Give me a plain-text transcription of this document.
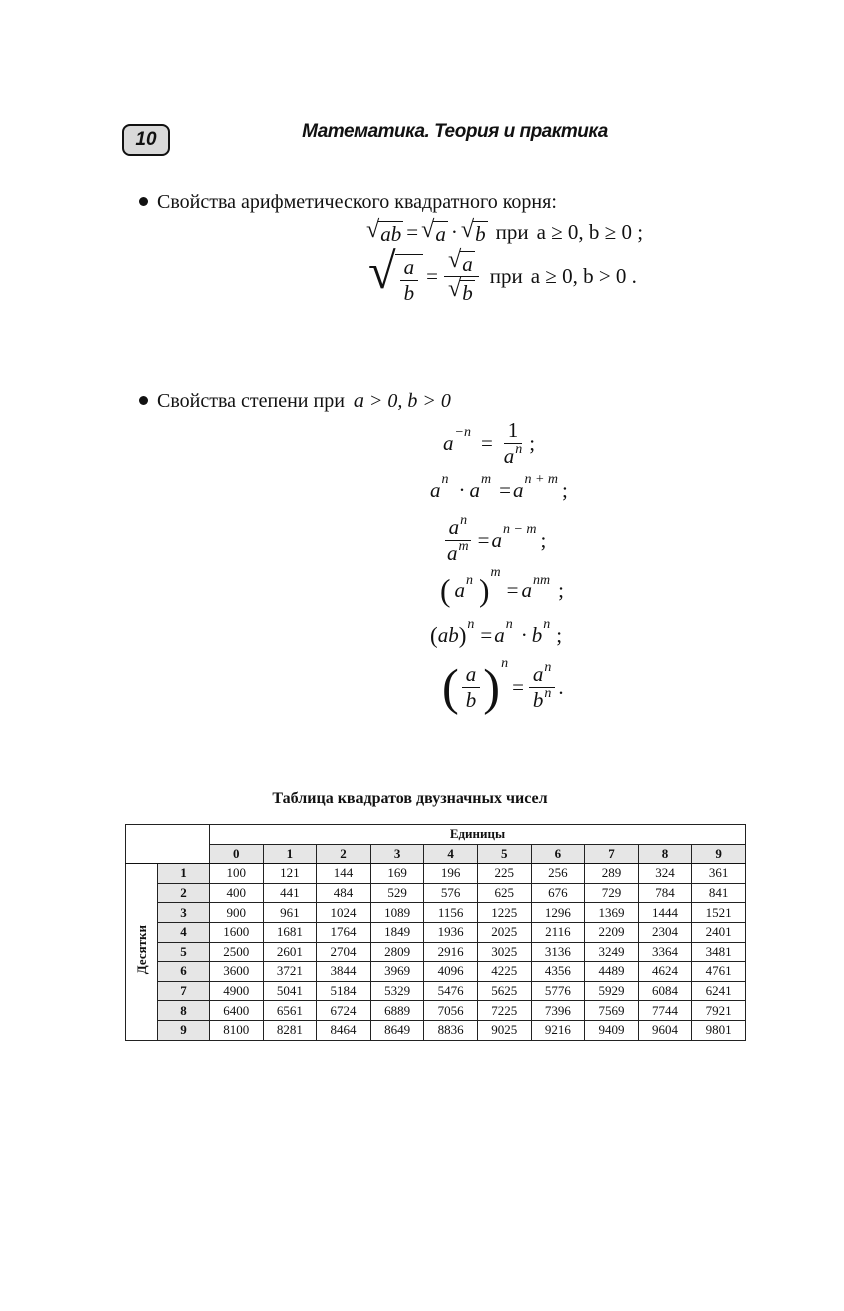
10	Математика. Теория и практика
Свойства арифметического квадратного корня:
√ ab = √ a · √ b при a ≥ 0, b ≥ 0 ;
√ $\frac{a}{b} = \frac{√ a}{√ b}$ при a ≥ 0, b > 0 .
Свойства степени при a > 0, b > 0
$a^{-n} = \frac{1}{a^n}$ ;
$a^n \cdot a^m = a^{n + m}$ ;
$\frac{a^n}{a^m} = a^{n - m}$ ;
( $a^n$ )
$^m$
= $a^{nm}$ ;
( ab )$^n = a^n \cdot b^n$ ;
( $\frac{a}{b} )^n$
= $\frac{a^n}{b^n}$ .
Таблица квадратов двузначных чисел
		Единицы									
		0	1	2	3	4	5	6	7	8	9
Десятки	1	100	121	144	169	196	225	256	289	324	361
	2	400	441	484	529	576	625	676	729	784	841
	3	900	961	1024	1089	1156	1225	1296	1369	1444	1521
	4	1600	1681	1764	1849	1936	2025	2116	2209	2304	2401
	5	2500	2601	2704	2809	2916	3025	3136	3249	3364	3481
	6	3600	3721	3844	3969	4096	4225	4356	4489	4624	4761
	7	4900	5041	5184	5329	5476	5625	5776	5929	6084	6241
	8	6400	6561	6724	6889	7056	7225	7396	7569	7744	7921
	9	8100	8281	8464	8649	8836	9025	9216	9409	9604	9801
